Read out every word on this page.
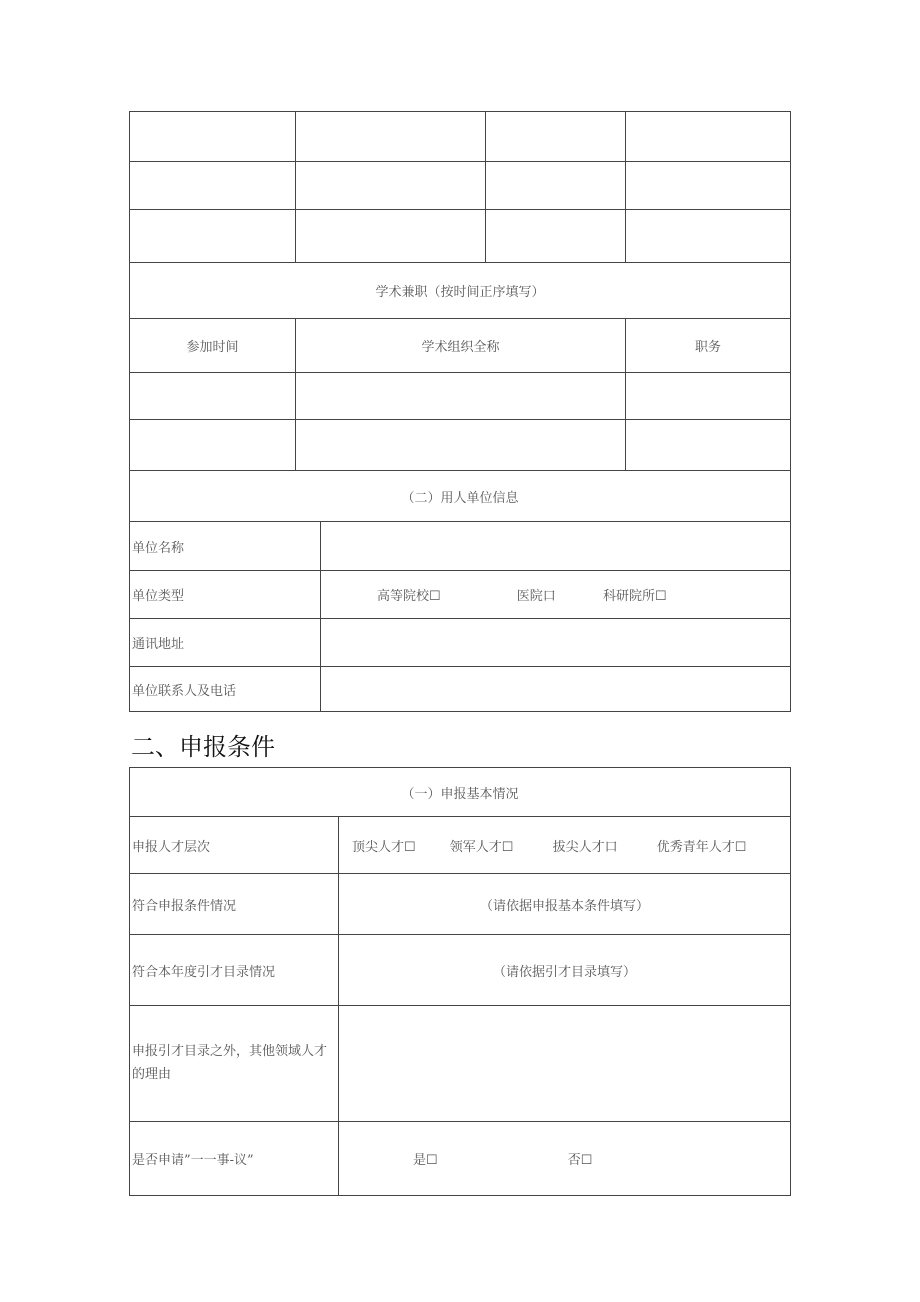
学术兼职（按时间正序填写）				
参加时间	学术组织全称			职务

（二）用人单位信息				
单位名称				
单位类型		高等院校☐ 医院口 科研院所☐		
通讯地址				
单位联系人及电话				
二、申报条件
（一）申报基本情况	
申报人才层次	顶尖人才☐ 领军人才☐ 拔尖人才口 优秀青年人才☐
符合申报条件情况	（请依据申报基本条件填写）
符合本年度引才目录情况	（请依据引才目录填写）
申报引才目录之外，其他领域人才的理由	
是否申请”一一事-议”	是☐ 否☐
